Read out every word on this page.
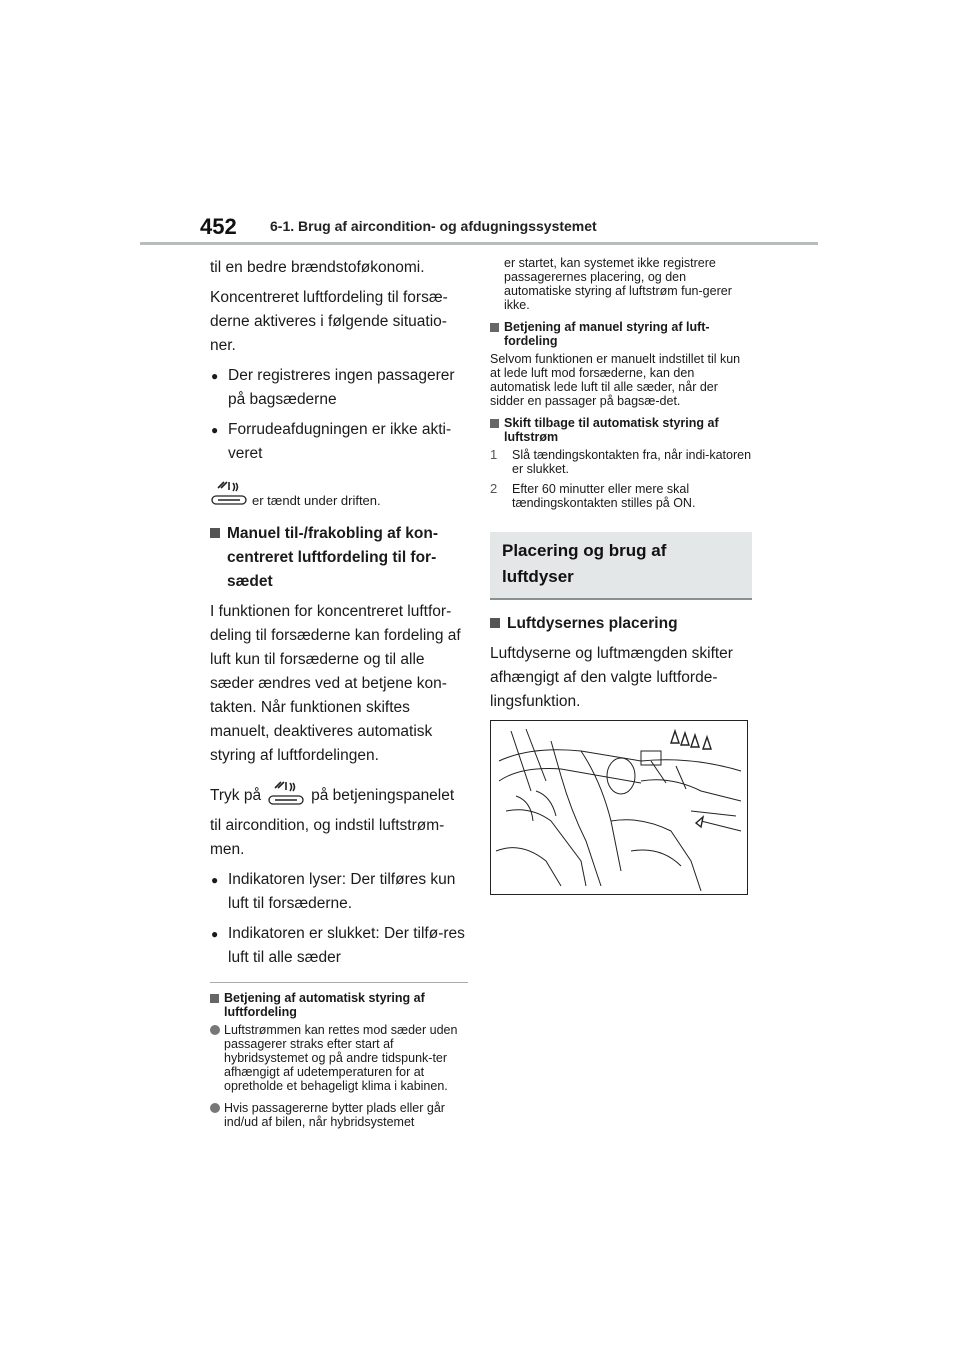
452 6-1. Brug af aircondition- og afdugningssystemet

til en bedre brændstoføkonomi.

Koncentreret luftfordeling til forsæ-derne aktiveres i følgende situatio-ner.

● Der registreres ingen passagerer på bagsæderne
● Forrudeafdugningen er ikke akti-veret
er tændt under driften.
Manuel til-/frakobling af kon-centreret luftfordeling til for-sædet

I funktionen for koncentreret luftfor-deling til forsæderne kan fordeling af luft kun til forsæderne og til alle sæder ændres ved at betjene kon-takten. Når funktionen skiftes manuelt, deaktiveres automatisk styring af luftfordelingen.

Tryk på	på betjeningspanelet

til aircondition, og indstil luftstrøm-men.

● Indikatoren lyser: Der tilføres kun luft til forsæderne.
● Indikatoren er slukket: Der tilfø-res luft til alle sæder
Betjening af automatisk styring af luftfordeling
Luftstrømmen kan rettes mod sæder uden passagerer straks efter start af hybridsystemet og på andre tidspunk-ter afhængigt af udetemperaturen for at opretholde et behageligt klima i kabinen.
Hvis passagererne bytter plads eller går ind/ud af bilen, når hybridsystemet

er startet, kan systemet ikke registrere passagerernes placering, og den automatiske styring af luftstrøm fun-gerer ikke.

Betjening af manuel styring af luft-fordeling

Selvom funktionen er manuelt indstillet til kun at lede luft mod forsæderne, kan den automatisk lede luft til alle sæder, når der sidder en passager på bagsæ-det.

Skift tilbage til automatisk styring af luftstrøm
1 Slå tændingskontakten fra, når indi-katoren er slukket.
2 Efter 60 minutter eller mere skal tændingskontakten stilles på ON.
Placering og brug af luftdyser
Luftdysernes placering

Luftdyserne og luftmængden skifter afhængigt af den valgte luftforde-lingsfunktion.
